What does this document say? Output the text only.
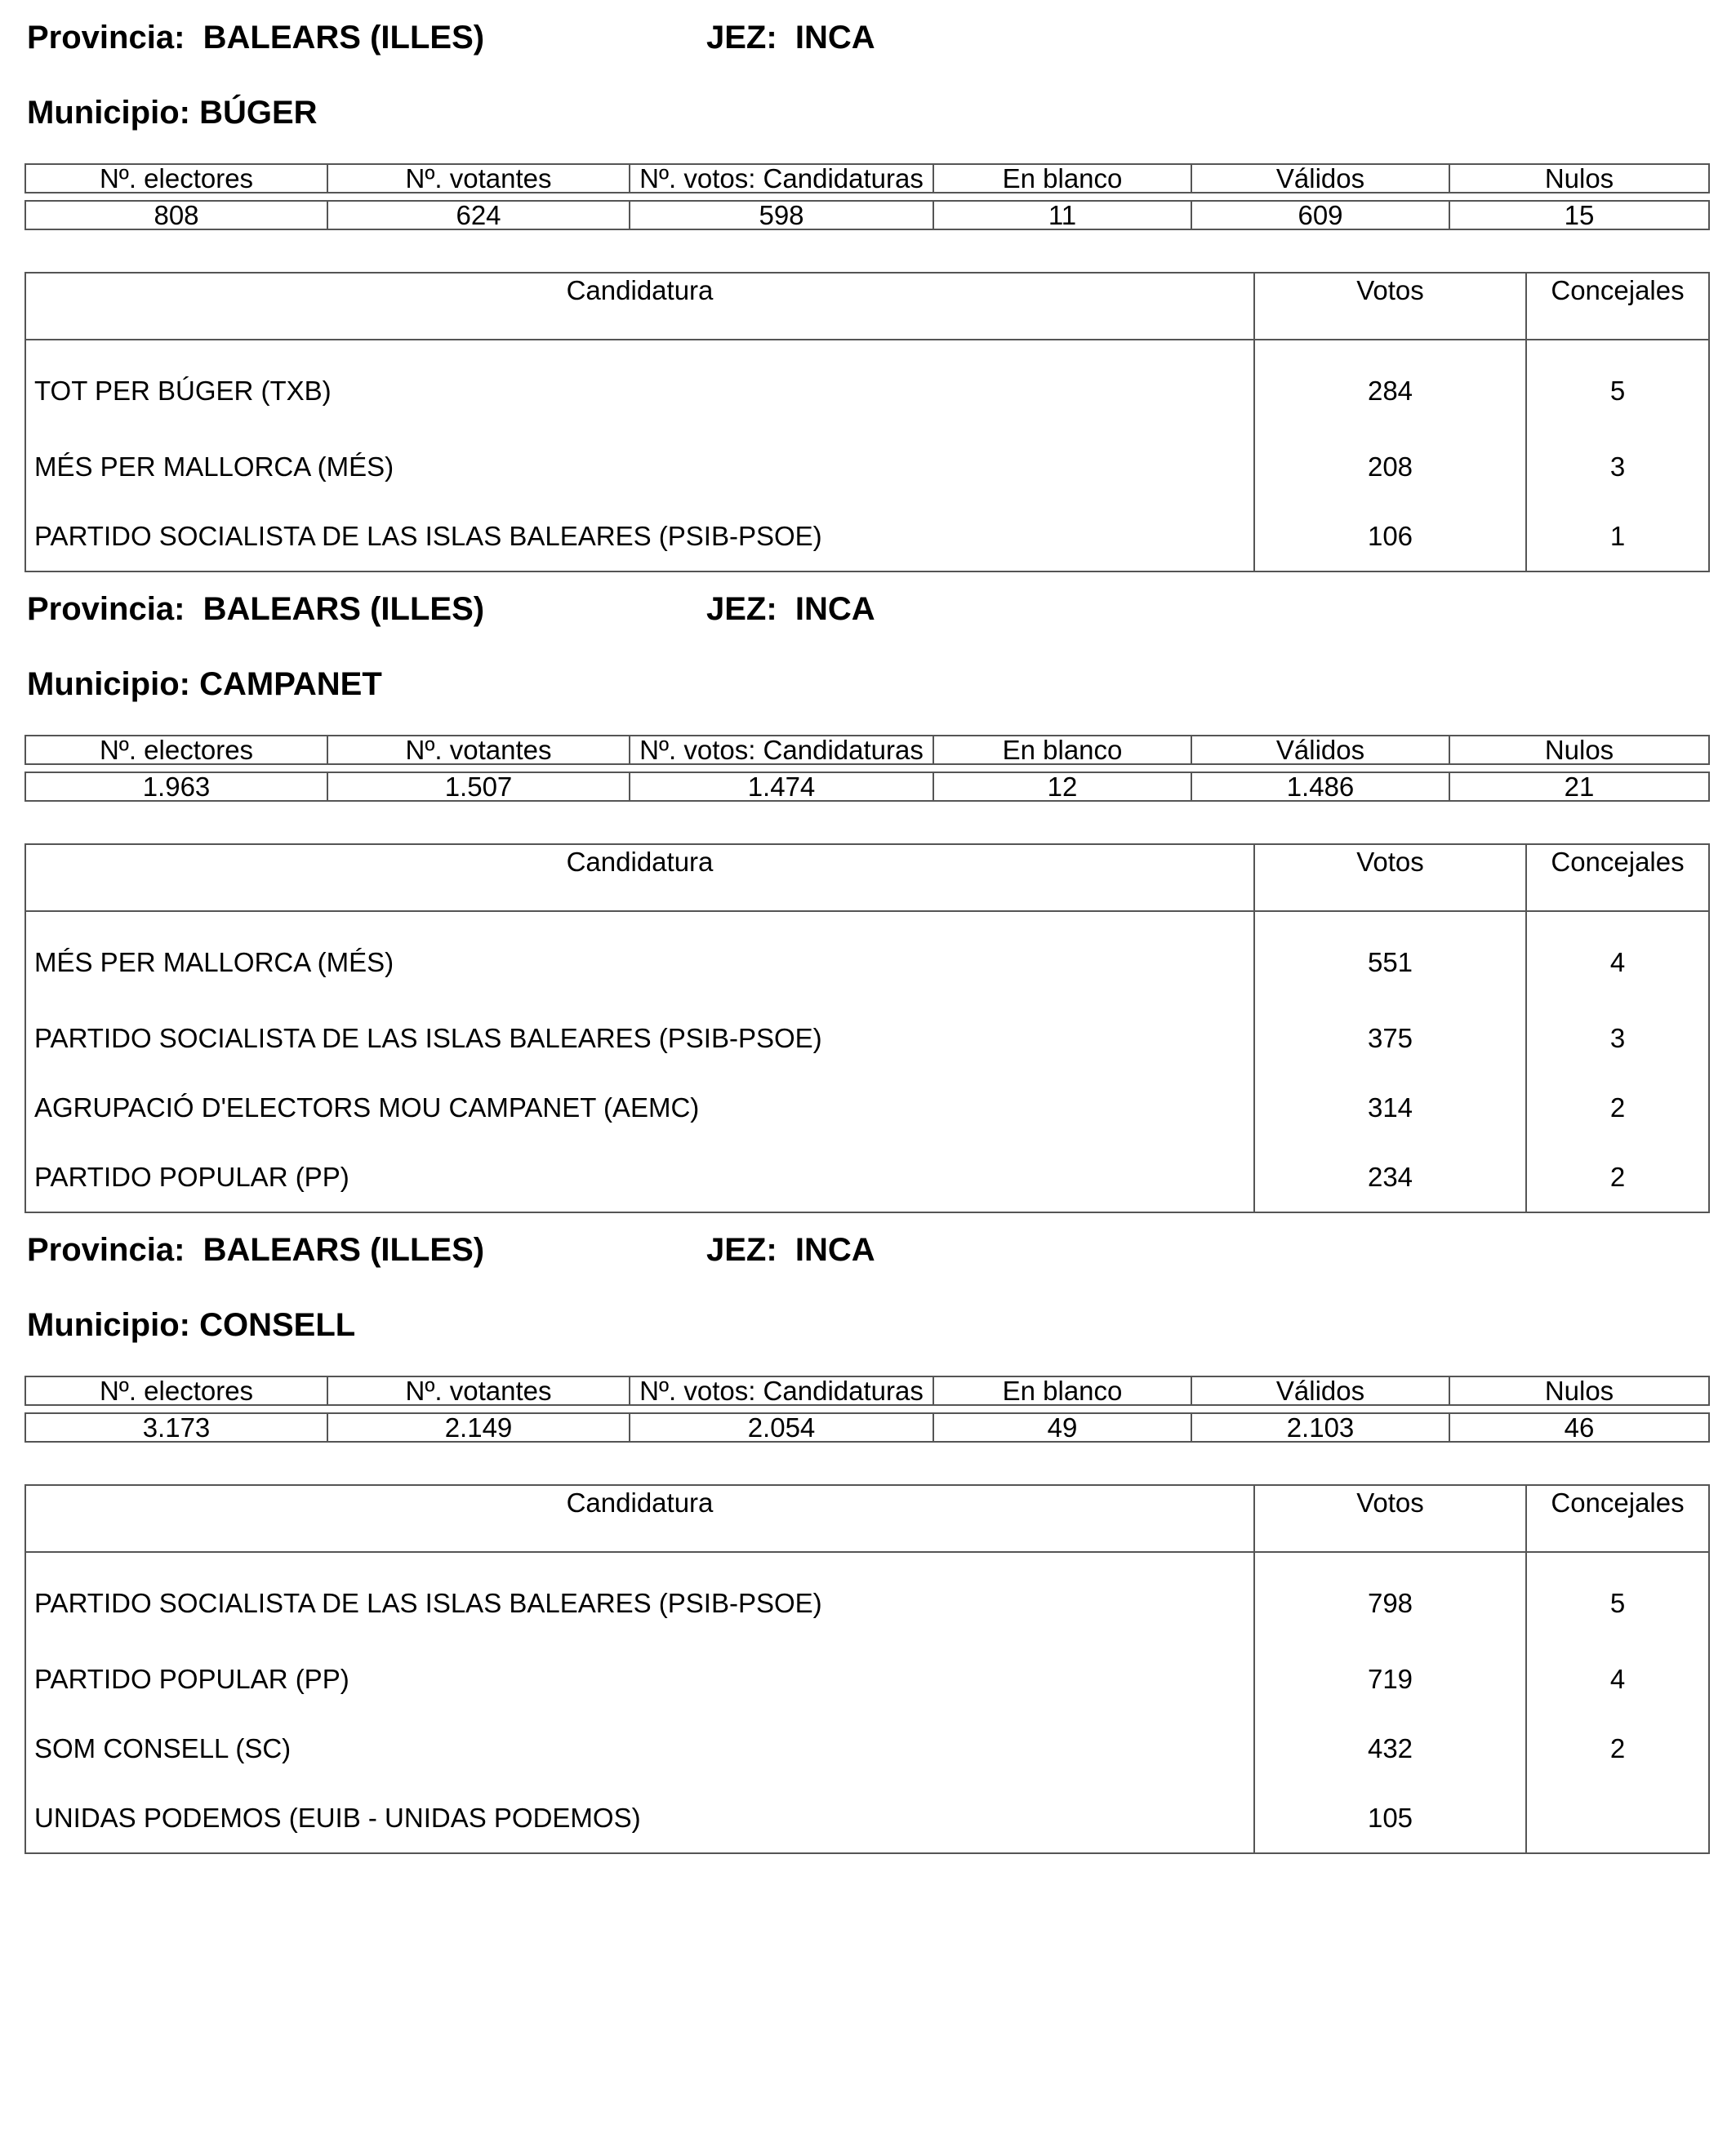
Provincia: BALEARS (ILLES)	JEZ: INCA
Municipio: BÚGER
Nº. electores	Nº. votantes	Nº. votos: Candidaturas	En blanco	Válidos	Nulos

808	624	598	11	609	15
Candidatura	Votos	Concejales
TOT PER BÚGER (TXB)	284	5
MÉS PER MALLORCA (MÉS)	208	3
PARTIDO SOCIALISTA DE LAS ISLAS BALEARES (PSIB-PSOE)	106	1
Provincia: BALEARS (ILLES)	JEZ: INCA
Municipio: CAMPANET
Nº. electores	Nº. votantes	Nº. votos: Candidaturas	En blanco	Válidos	Nulos

1.963	1.507	1.474	12	1.486	21
Candidatura	Votos	Concejales
MÉS PER MALLORCA (MÉS)	551	4
PARTIDO SOCIALISTA DE LAS ISLAS BALEARES (PSIB-PSOE)	375	3
AGRUPACIÓ D'ELECTORS MOU CAMPANET (AEMC)	314	2
PARTIDO POPULAR (PP)	234	2
Provincia: BALEARS (ILLES)	JEZ: INCA
Municipio: CONSELL
Nº. electores	Nº. votantes	Nº. votos: Candidaturas	En blanco	Válidos	Nulos

3.173	2.149	2.054	49	2.103	46
Candidatura	Votos	Concejales
PARTIDO SOCIALISTA DE LAS ISLAS BALEARES (PSIB-PSOE)	798	5
PARTIDO POPULAR (PP)	719	4
SOM CONSELL (SC)	432	2
UNIDAS PODEMOS (EUIB - UNIDAS PODEMOS)	105	
